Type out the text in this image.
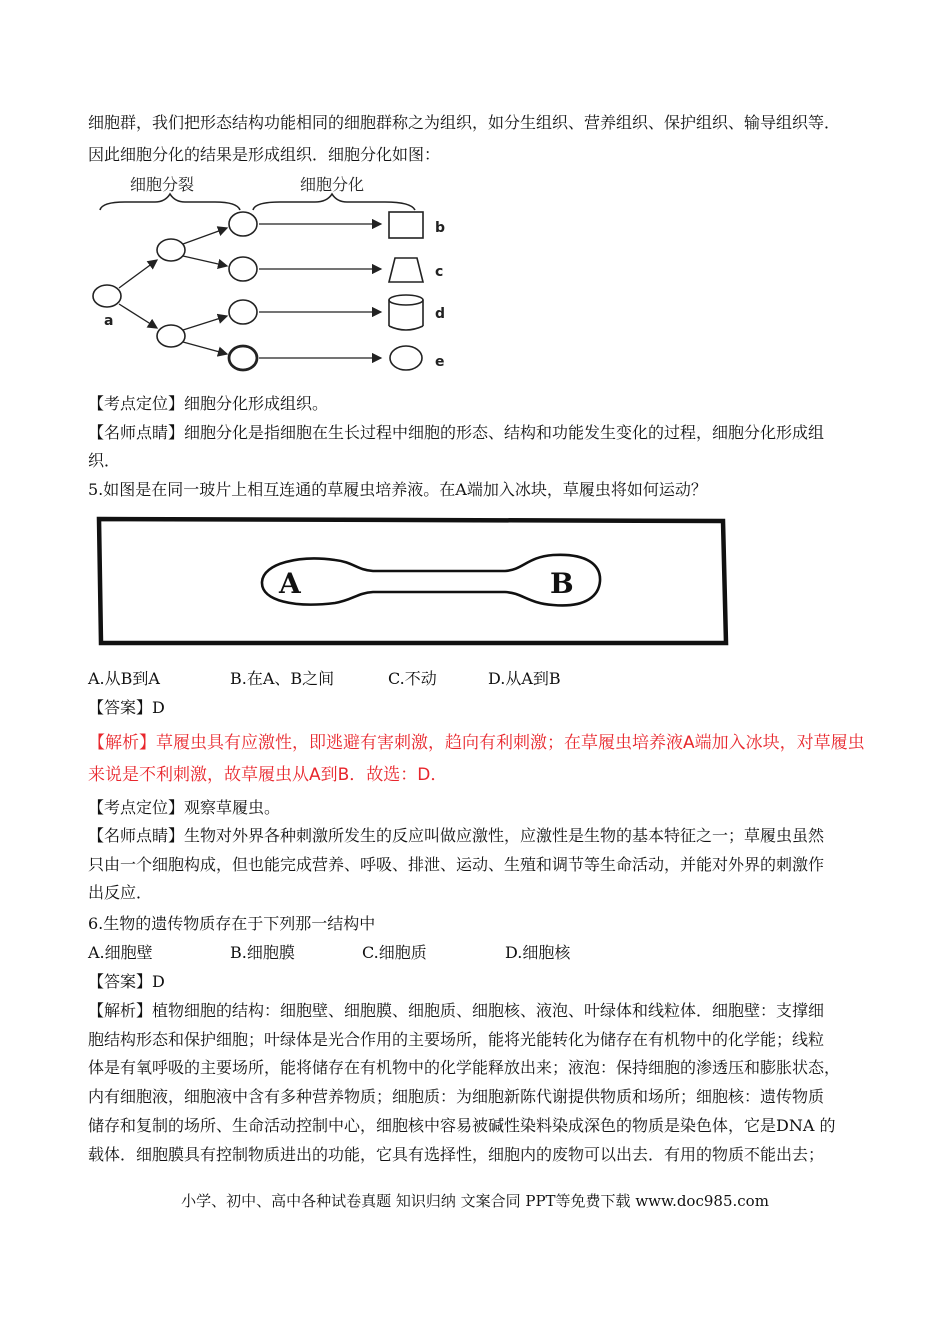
细胞群，我们把形态结构功能相同的细胞群称之为组织，如分生组织、营养组织、保护组织、输导组织等．
因此细胞分化的结果是形成组织．细胞分化如图：
细胞分裂	细胞分化
a
b
c
d
e
【考点定位】细胞分化形成组织。
【名师点睛】细胞分化是指细胞在生长过程中细胞的形态、结构和功能发生变化的过程，细胞分化形成组
织．
5.如图是在同一玻片上相互连通的草履虫培养液。在A端加入冰块，草履虫将如何运动？
A	B
A.从B到A	B.在A、B之间	C.不动	D.从A到B
【答案】D
【解析】草履虫具有应激性，即逃避有害刺激，趋向有利刺激；在草履虫培养液A端加入冰块，对草履虫
来说是不利刺激，故草履虫从A到B．故选：D．
【考点定位】观察草履虫。
【名师点睛】生物对外界各种刺激所发生的反应叫做应激性，应激性是生物的基本特征之一；草履虫虽然
只由一个细胞构成，但也能完成营养、呼吸、排泄、运动、生殖和调节等生命活动，并能对外界的刺激作
出反应．
6.生物的遗传物质存在于下列那一结构中
A.细胞壁	B.细胞膜	C.细胞质	D.细胞核
【答案】D
【解析】植物细胞的结构：细胞壁、细胞膜、细胞质、细胞核、液泡、叶绿体和线粒体．细胞壁：支撑细
胞结构形态和保护细胞；叶绿体是光合作用的主要场所，能将光能转化为储存在有机物中的化学能；线粒
体是有氧呼吸的主要场所，能将储存在有机物中的化学能释放出来；液泡：保持细胞的渗透压和膨胀状态，
内有细胞液，细胞液中含有多种营养物质；细胞质：为细胞新陈代谢提供物质和场所；细胞核：遗传物质
储存和复制的场所、生命活动控制中心，细胞核中容易被碱性染料染成深色的物质是染色体，它是DNA 的
载体．细胞膜具有控制物质进出的功能，它具有选择性，细胞内的废物可以出去．有用的物质不能出去；
小学、初中、高中各种试卷真题 知识归纳 文案合同 PPT等免费下载 www.doc985.com
